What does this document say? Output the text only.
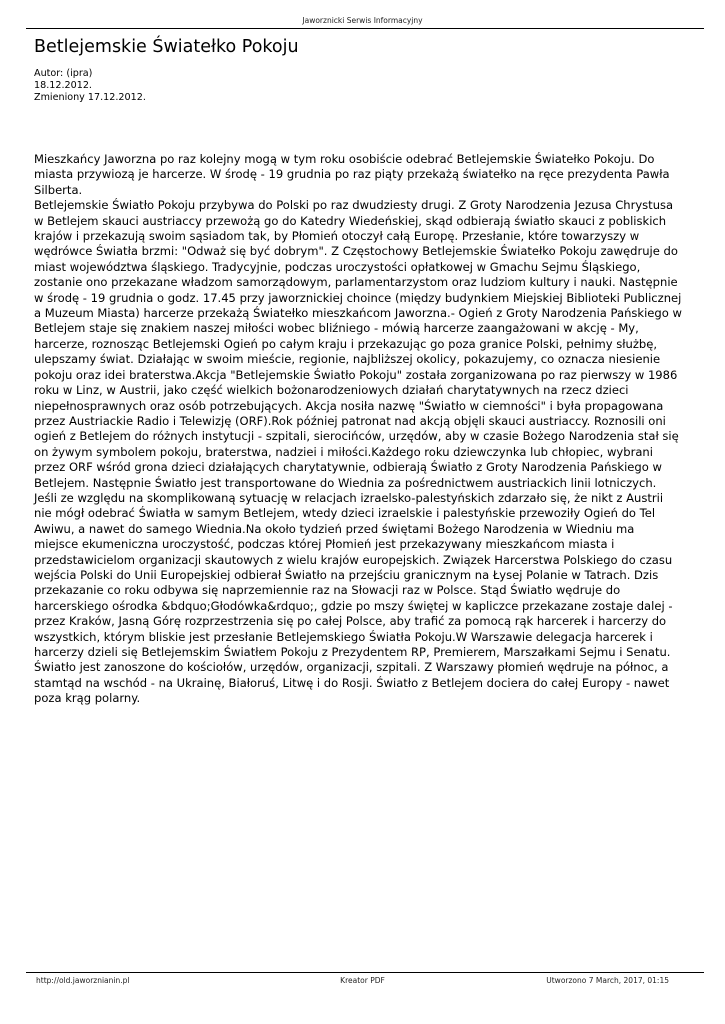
Jaworznicki Serwis Informacyjny
Betlejemskie Światełko Pokoju
Autor: (ipra)
18.12.2012.
Zmieniony 17.12.2012.

Mieszkańcy Jaworzna po raz kolejny mogą w tym roku osobiście odebrać Betlejemskie Światełko Pokoju. Do miasta przywiozą je harcerze. W środę - 19 grudnia po raz piąty przekażą światełko na ręce prezydenta Pawła Silberta.

Betlejemskie Światło Pokoju przybywa do Polski po raz dwudziesty drugi. Z Groty Narodzenia Jezusa Chrystusa w Betlejem skauci austriaccy przewożą go do Katedry Wiedeńskiej, skąd odbierają światło skauci z pobliskich krajów i przekazują swoim sąsiadom tak, by Płomień otoczył całą Europę. Przesłanie, które towarzyszy w wędrówce Światła brzmi: "Odważ się być dobrym". Z Częstochowy Betlejemskie Światełko Pokoju zawędruje do miast województwa śląskiego. Tradycyjnie, podczas uroczystości opłatkowej w Gmachu Sejmu Śląskiego, zostanie ono przekazane władzom samorządowym, parlamentarzystom oraz ludziom kultury i nauki. Następnie w środę - 19 grudnia o godz. 17.45 przy jaworznickiej choince (między budynkiem Miejskiej Biblioteki Publicznej a Muzeum Miasta) harcerze przekażą Światełko mieszkańcom Jaworzna.- Ogień z Groty Narodzenia Pańskiego w Betlejem staje się znakiem naszej miłości wobec bliźniego - mówią harcerze zaangażowani w akcję - My, harcerze, roznosząc Betlejemski Ogień po całym kraju i przekazując go poza granice Polski, pełnimy służbę, ulepszamy świat. Działając w swoim mieście, regionie, najbliższej okolicy, pokazujemy, co oznacza niesienie pokoju oraz idei braterstwa.Akcja "Betlejemskie Światło Pokoju" została zorganizowana po raz pierwszy w 1986 roku w Linz, w Austrii, jako część wielkich bożonarodzeniowych działań charytatywnych na rzecz dzieci niepełnosprawnych oraz osób potrzebujących. Akcja nosiła nazwę "Światło w ciemności" i była propagowana przez Austriackie Radio i Telewizję (ORF).Rok później patronat nad akcją objęli skauci austriaccy. Roznosili oni ogień z Betlejem do różnych instytucji - szpitali, sierocińców, urzędów, aby w czasie Bożego Narodzenia stał się on żywym symbolem pokoju, braterstwa, nadziei i miłości.Każdego roku dziewczynka lub chłopiec, wybrani przez ORF wśród grona dzieci działających charytatywnie, odbierają Światło z Groty Narodzenia Pańskiego w Betlejem. Następnie Światło jest transportowane do Wiednia za pośrednictwem austriackich linii lotniczych. Jeśli ze względu na skomplikowaną sytuację w relacjach izraelsko-palestyńskich zdarzało się, że nikt z Austrii nie mógł odebrać Światła w samym Betlejem, wtedy dzieci izraelskie i palestyńskie przewoziły Ogień do Tel Awiwu, a nawet do samego Wiednia.Na około tydzień przed świętami Bożego Narodzenia w Wiedniu ma miejsce ekumeniczna uroczystość, podczas której Płomień jest przekazywany mieszkańcom miasta i przedstawicielom organizacji skautowych z wielu krajów europejskich. Związek Harcerstwa Polskiego do czasu wejścia Polski do Unii Europejskiej odbierał Światło na przejściu granicznym na Łysej Polanie w Tatrach. Dzis przekazanie co roku odbywa się naprzemiennie raz na Słowacji raz w Polsce. Stąd Światło wędruje do harcerskiego ośrodka &bdquo;Głodówka&rdquo;, gdzie po mszy świętej w kapliczce przekazane zostaje dalej - przez Kraków, Jasną Górę rozprzestrzenia się po całej Polsce, aby trafić za pomocą rąk harcerek i harcerzy do wszystkich, którym bliskie jest przesłanie Betlejemskiego Światła Pokoju.W Warszawie delegacja harcerek i harcerzy dzieli się Betlejemskim Światłem Pokoju z Prezydentem RP, Premierem, Marszałkami Sejmu i Senatu. Światło jest zanoszone do kościołów, urzędów, organizacji, szpitali. Z Warszawy płomień wędruje na północ, a stamtąd na wschód - na Ukrainę, Białoruś, Litwę i do Rosji. Światło z Betlejem dociera do całej Europy - nawet poza krąg polarny.

http://old.jaworznianin.pl	Kreator PDF	Utworzono 7 March, 2017, 01:15
